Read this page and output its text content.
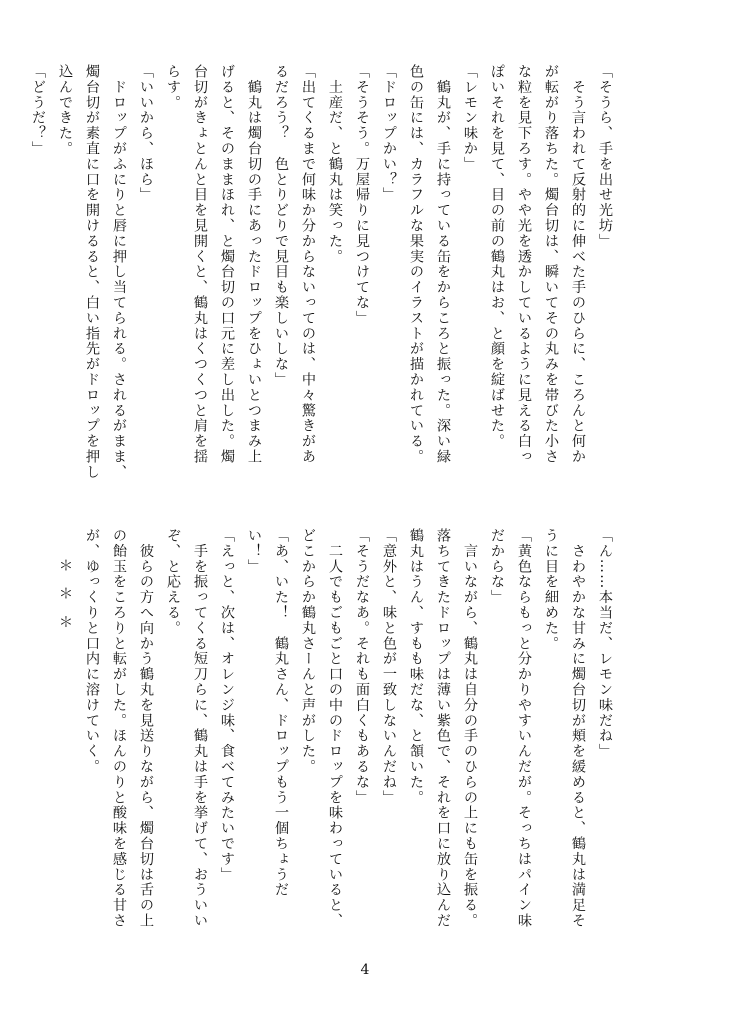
「そうら、手を出せ光坊」
　そう言われて反射的に伸べた手のひらに、ころんと何か
が転がり落ちた。燭台切は、瞬いてその丸みを帯びた小さ
な粒を見下ろす。やや光を透かしているように見える白っ
ぽいそれを見て、目の前の鶴丸はお、と顔を綻ばせた。
「レモン味か」
　鶴丸が、手に持っている缶をからころと振った。深い緑
色の缶には、カラフルな果実のイラストが描かれている。
「ドロップかい？」
「そうそう。万屋帰りに見つけてな」
　土産だ、と鶴丸は笑った。
「出てくるまで何味か分からないってのは、中々驚きがあ
るだろう？　色とりどりで見目も楽しいしな」
　鶴丸は燭台切の手にあったドロップをひょいとつまみ上
げると、そのままほれ、と燭台切の口元に差し出した。燭
台切がきょとんと目を見開くと、鶴丸はくつくつと肩を揺
らす。
「いいから、ほら」
　ドロップがふにりと唇に押し当てられる。されるがまま、
燭台切が素直に口を開けるると、白い指先がドロップを押し
込んできた。
「どうだ？」
「ん……本当だ、レモン味だね」
　さわやかな甘みに燭台切が頬を緩めると、鶴丸は満足そ
うに目を細めた。
「黄色ならもっと分かりやすいんだが。そっちはパイン味
だからな」
　言いながら、鶴丸は自分の手のひらの上にも缶を振る。
落ちてきたドロップは薄い紫色で、それを口に放り込んだ
鶴丸はうん、すもも味だな、と頷いた。
「意外と、味と色が一致しないんだね」
「そうだなあ。それも面白くもあるな」
　二人でもごもごと口の中のドロップを味わっていると、
どこからか鶴丸さーんと声がした。
「あ、いた！　鶴丸さん、ドロップもう一個ちょうだ
い！」
「えっと、次は、オレンジ味、食べてみたいです」
　手を振ってくる短刀らに、鶴丸は手を挙げて、おういい
ぞ、と応える。
　彼らの方へ向かう鶴丸を見送りながら、燭台切は舌の上
の飴玉をころりと転がした。ほんのりと酸味を感じる甘さ
が、ゆっくりと口内に溶けていく。
＊＊＊
4
